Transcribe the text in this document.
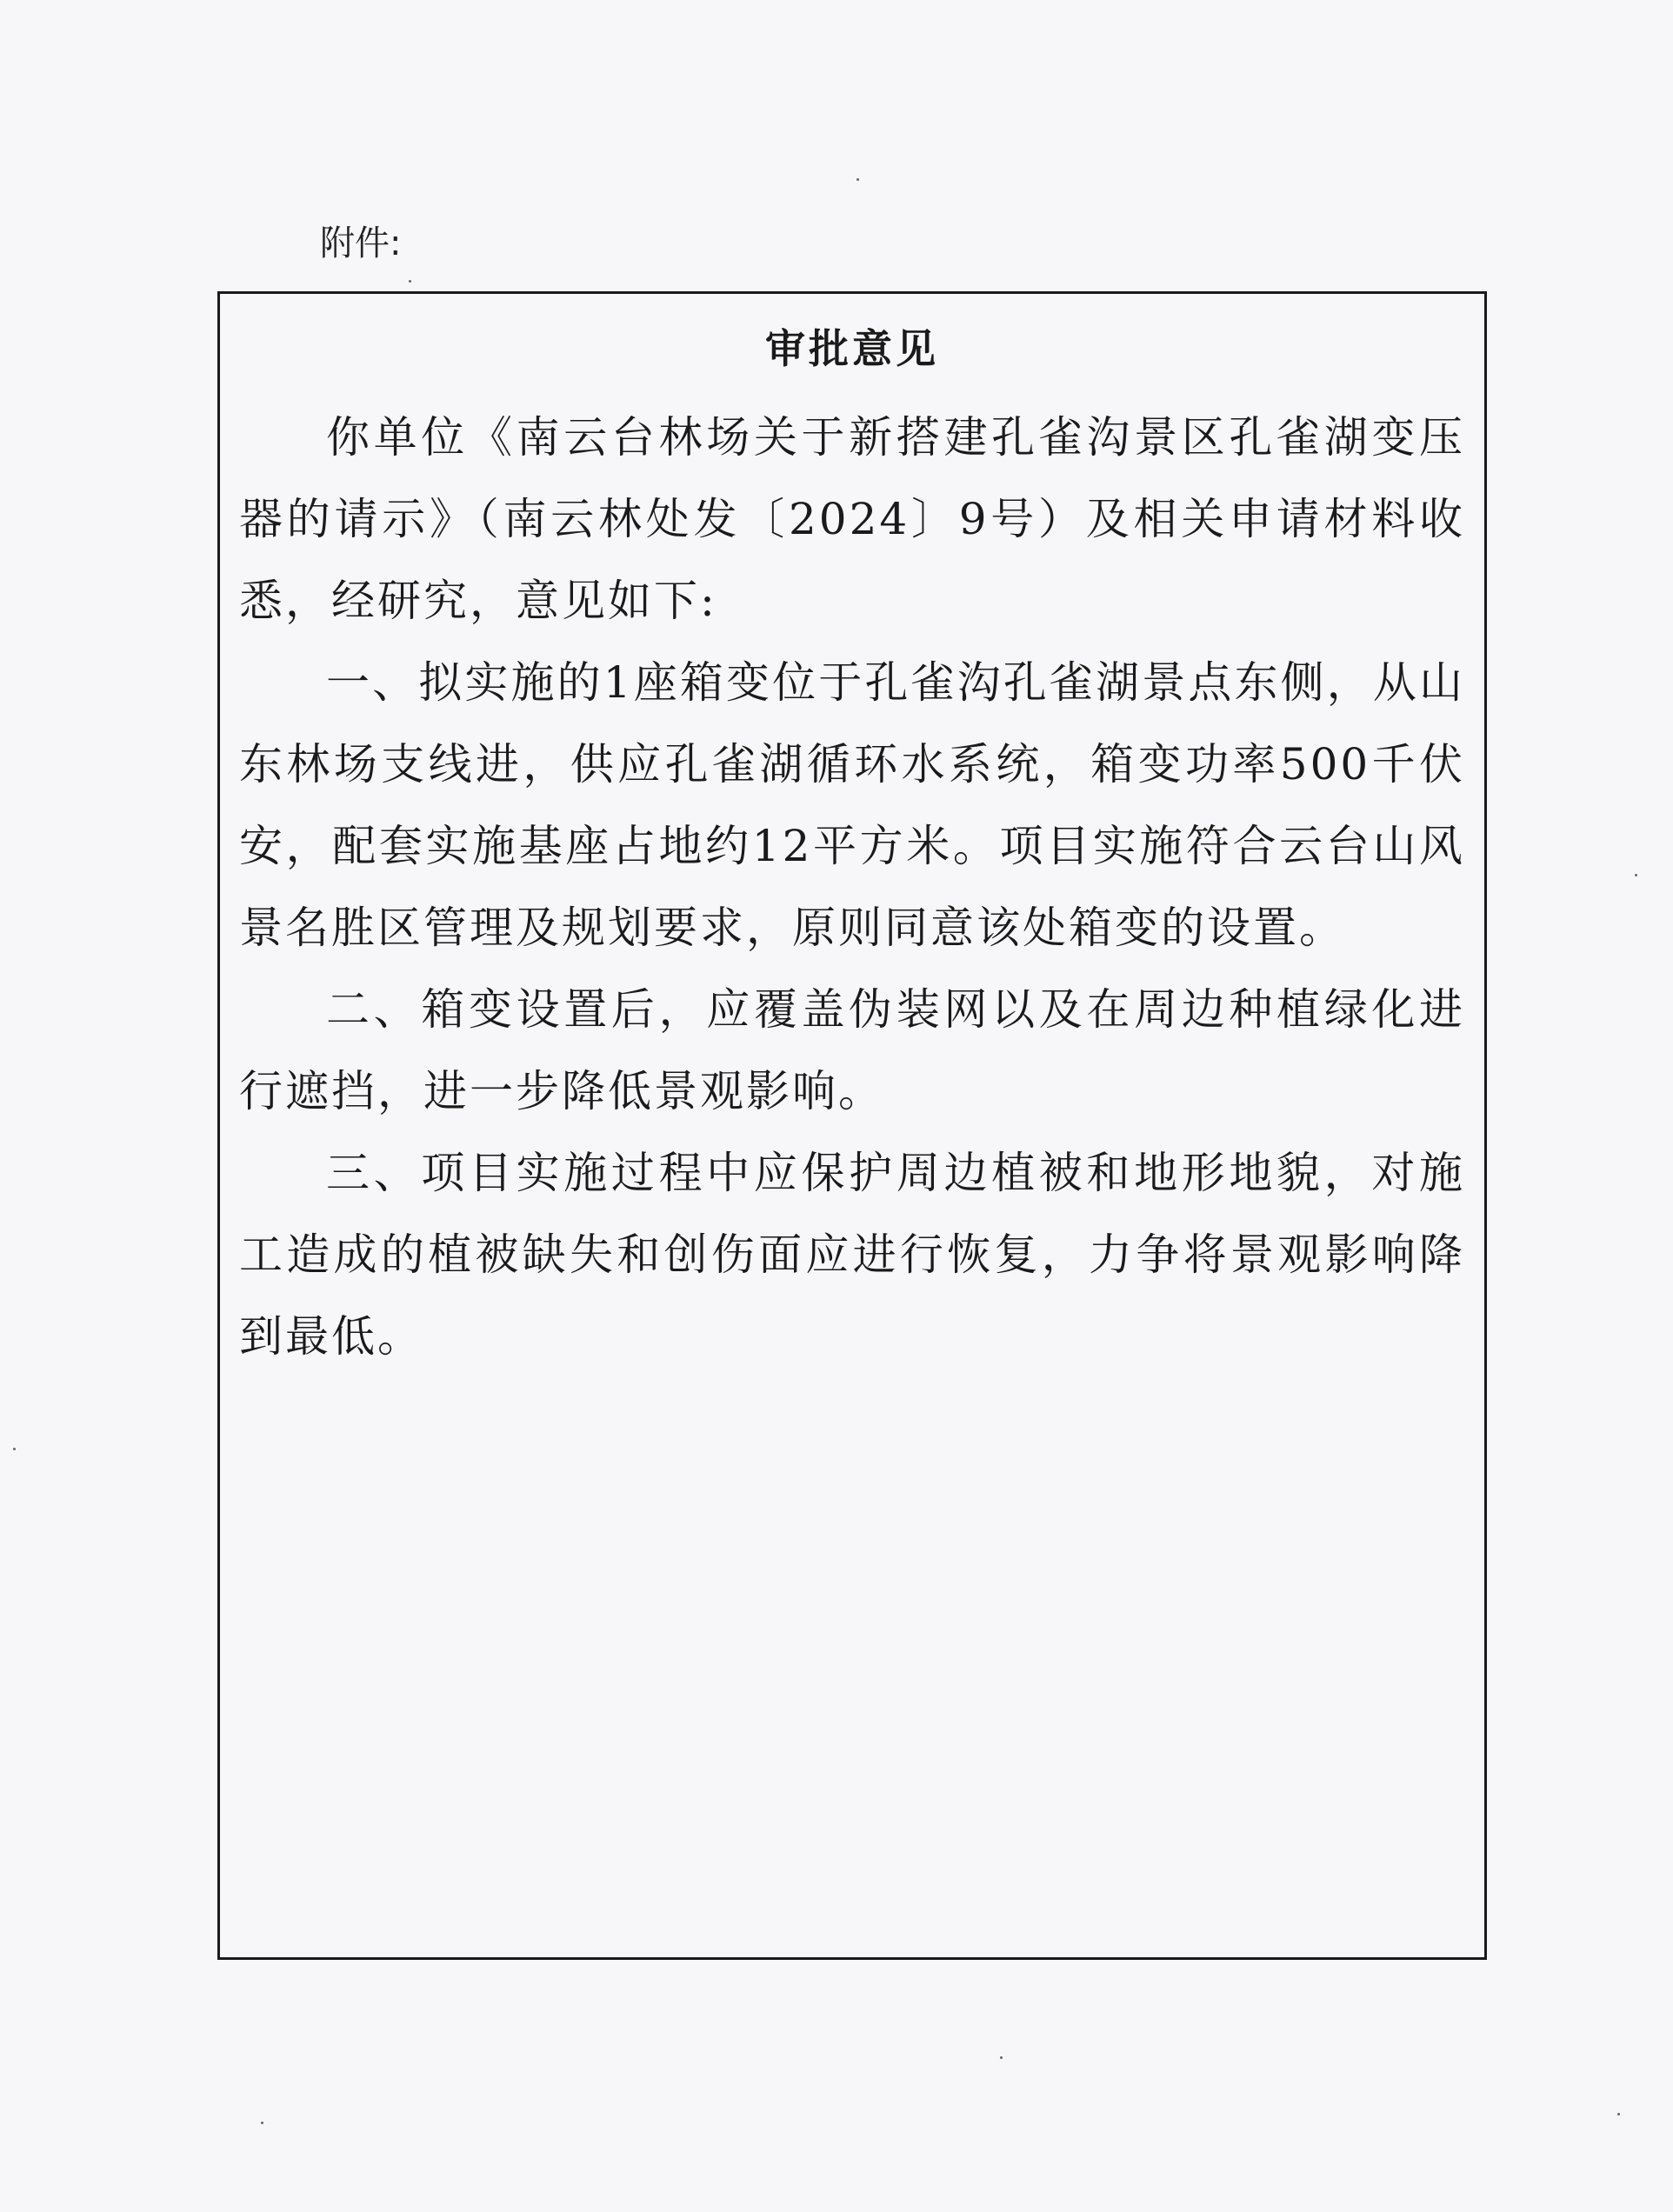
附件:
审批意见

你单位《南云台林场关于新搭建孔雀沟景区孔雀湖变压器的请示》（南云林处发〔2024〕9号）及相关申请材料收悉，经研究，意见如下:

一、拟实施的1座箱变位于孔雀沟孔雀湖景点东侧，从山东林场支线进，供应孔雀湖循环水系统，箱变功率500千伏安，配套实施基座占地约12平方米。项目实施符合云台山风景名胜区管理及规划要求，原则同意该处箱变的设置。

二、箱变设置后，应覆盖伪装网以及在周边种植绿化进行遮挡，进一步降低景观影响。

三、项目实施过程中应保护周边植被和地形地貌，对施工造成的植被缺失和创伤面应进行恢复，力争将景观影响降到最低。
